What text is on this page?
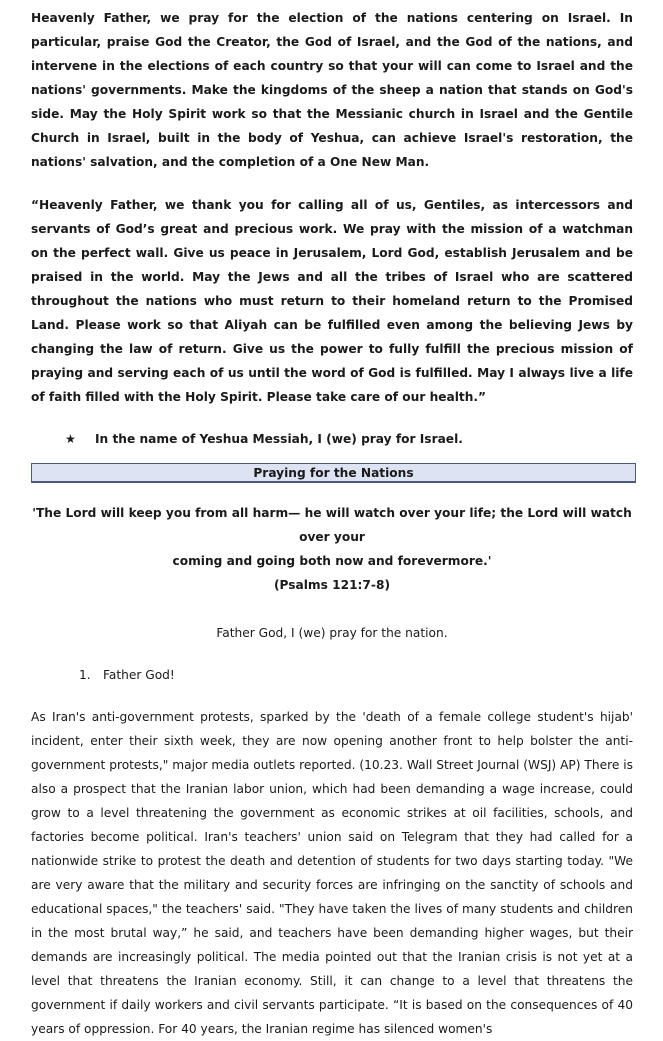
Heavenly Father, we pray for the election of the nations centering on Israel. In particular, praise God the Creator, the God of Israel, and the God of the nations, and intervene in the elections of each country so that your will can come to Israel and the nations' governments. Make the kingdoms of the sheep a nation that stands on God's side. May the Holy Spirit work so that the Messianic church in Israel and the Gentile Church in Israel, built in the body of Yeshua, can achieve Israel's restoration, the nations' salvation, and the completion of a One New Man.

“Heavenly Father, we thank you for calling all of us, Gentiles, as intercessors and servants of God’s great and precious work. We pray with the mission of a watchman on the perfect wall. Give us peace in Jerusalem, Lord God, establish Jerusalem and be praised in the world. May the Jews and all the tribes of Israel who are scattered throughout the nations who must return to their homeland return to the Promised Land. Please work so that Aliyah can be fulfilled even among the believing Jews by changing the law of return. Give us the power to fully fulfill the precious mission of praying and serving each of us until the word of God is fulfilled. May I always live a life of faith filled with the Holy Spirit. Please take care of our health.”

★ In the name of Yeshua Messiah, I (we) pray for Israel.
Praying for the Nations
'The Lord will keep you from all harm— he will watch over your life; the Lord will watch over your
coming and going both now and forevermore.'
(Psalms 121:7-8)
Father God, I (we) pray for the nation.
1. Father God!

As Iran's anti-government protests, sparked by the 'death of a female college student's hijab' incident, enter their sixth week, they are now opening another front to help bolster the anti-government protests," major media outlets reported. (10.23. Wall Street Journal (WSJ) AP) There is also a prospect that the Iranian labor union, which had been demanding a wage increase, could grow to a level threatening the government as economic strikes at oil facilities, schools, and factories become political. Iran's teachers' union said on Telegram that they had called for a nationwide strike to protest the death and detention of students for two days starting today. "We are very aware that the military and security forces are infringing on the sanctity of schools and educational spaces," the teachers' said. "They have taken the lives of many students and children in the most brutal way,” he said, and teachers have been demanding higher wages, but their demands are increasingly political. The media pointed out that the Iranian crisis is not yet at a level that threatens the Iranian economy. Still, it can change to a level that threatens the government if daily workers and civil servants participate. “It is based on the consequences of 40 years of oppression. For 40 years, the Iranian regime has silenced women's
